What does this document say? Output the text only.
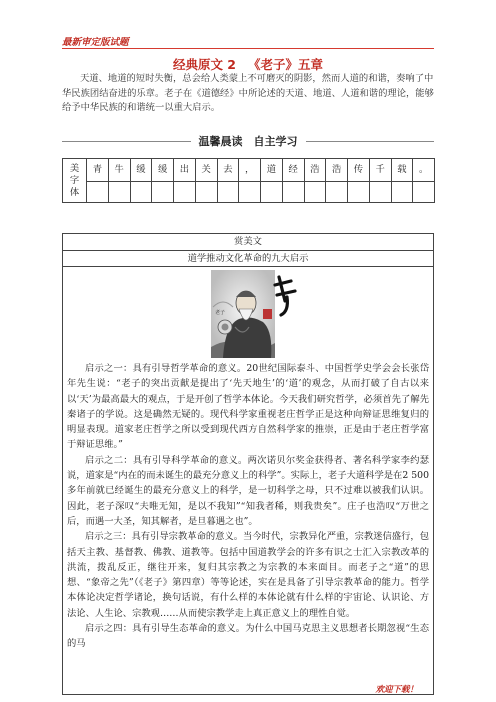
最新审定版试题
经典原文 2 《老子》五章
天道、地道的短时失衡，总会给人类蒙上不可磨灭的阴影，然而人道的和谐，奏响了中华民族团结奋进的乐章。老子在《道德经》中所论述的天道、地道、人道和谐的理论，能够给予中华民族的和谐统一以重大启示。
温馨晨读　自主学习
美字体	青	牛	缓	缓	出	关	去	，	道	经	浩	浩	传	千	载	。

赏美文
道学推动文化革命的九大启示
老子

启示之一：具有引导哲学革命的意义。20世纪国际泰斗、中国哲学史学会会长张岱年先生说：“老子的突出贡献是提出了‘先天地生’的‘道’的观念，从而打破了自古以来以‘天’为最高最大的观点，于是开创了哲学本体论。今天我们研究哲学，必须首先了解先秦诸子的学说。这是确然无疑的。现代科学家重视老庄哲学正是这种向辩证思维复归的明显表现。道家老庄哲学之所以受到现代西方自然科学家的推崇，正是由于老庄哲学富于辩证思维。”

启示之二：具有引导科学革命的意义。两次诺贝尔奖金获得者、著名科学家李约瑟说，道家是“内在的而未诞生的最充分意义上的科学”。实际上，老子大道科学是在2 500多年前就已经诞生的最充分意义上的科学，是一切科学之母，只不过难以被我们认识。因此，老子深叹“夫唯无知，是以不我知”“知我者稀，则我贵矣”。庄子也浩叹“万世之后，而遇一大圣，知其解者，是旦暮遇之也”。

启示之三：具有引导宗教革命的意义。当今时代，宗教异化严重，宗教迷信盛行，包括天主教、基督教、佛教、道教等。包括中国道教学会的许多有识之士汇入宗教改革的洪流，拨乱反正，继往开来，复归其宗教之为宗教的本来面目。而老子之“道”的思想、“象帝之先”（《老子》第四章）等等论述，实在是具备了引导宗教革命的能力。哲学本体论决定哲学诸论，换句话说，有什么样的本体论就有什么样的宇宙论、认识论、方法论、人生论、宗教观……从而使宗教学走上真正意义上的理性自觉。

启示之四：具有引导生态革命的意义。为什么中国马克思主义思想者长期忽视“生态的马

欢迎下载！
